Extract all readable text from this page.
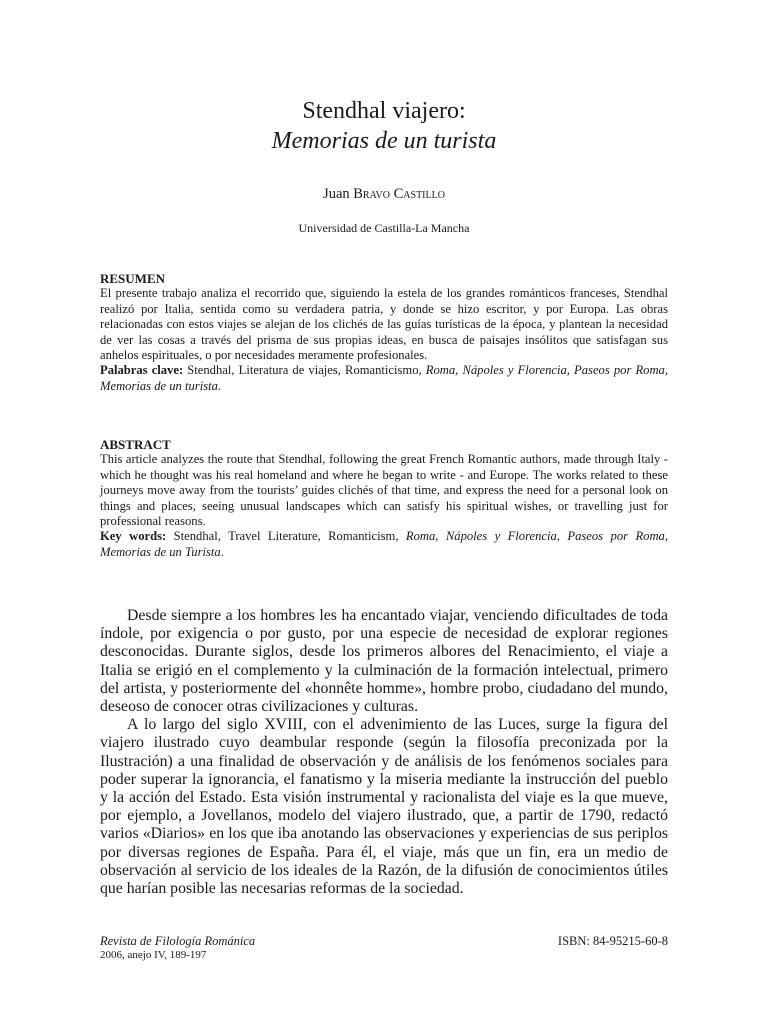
Stendhal viajero:
Memorias de un turista
Juan Bravo Castillo
Universidad de Castilla-La Mancha
RESUMEN
El presente trabajo analiza el recorrido que, siguiendo la estela de los grandes románticos franceses, Stendhal realizó por Italia, sentida como su verdadera patria, y donde se hizo escritor, y por Europa. Las obras relacionadas con estos viajes se alejan de los clichés de las guías turísticas de la época, y plantean la necesidad de ver las cosas a través del prisma de sus propias ideas, en busca de paisajes insólitos que satisfagan sus anhelos espirituales, o por necesidades meramente profesionales.
Palabras clave: Stendhal, Literatura de viajes, Romanticismo, Roma, Nápoles y Florencia, Paseos por Roma, Memorias de un turista.
ABSTRACT
This article analyzes the route that Stendhal, following the great French Romantic authors, made through Italy - which he thought was his real homeland and where he began to write - and Europe. The works related to these journeys move away from the tourists’ guides clichés of that time, and express the need for a personal look on things and places, seeing unusual landscapes which can satisfy his spiritual wishes, or travelling just for professional reasons.
Key words: Stendhal, Travel Literature, Romanticism, Roma, Nápoles y Florencia, Paseos por Roma, Memorias de un Turista.

Desde siempre a los hombres les ha encantado viajar, venciendo dificultades de toda índole, por exigencia o por gusto, por una especie de necesidad de explorar regiones desconocidas. Durante siglos, desde los primeros albores del Renacimiento, el viaje a Italia se erigió en el complemento y la culminación de la formación intelectual, primero del artista, y posteriormente del «honnête homme», hombre probo, ciudadano del mundo, deseoso de conocer otras civilizaciones y culturas.

A lo largo del siglo XVIII, con el advenimiento de las Luces, surge la figura del viajero ilustrado cuyo deambular responde (según la filosofía preconizada por la Ilustración) a una finalidad de observación y de análisis de los fenómenos sociales para poder superar la ignorancia, el fanatismo y la miseria mediante la instrucción del pueblo y la acción del Estado. Esta visión instrumental y racionalista del viaje es la que mueve, por ejemplo, a Jovellanos, modelo del viajero ilustrado, que, a partir de 1790, redactó varios «Diarios» en los que iba anotando las observaciones y experiencias de sus periplos por diversas regiones de España. Para él, el viaje, más que un fin, era un medio de observación al servicio de los ideales de la Razón, de la difusión de conocimientos útiles que harían posible las necesarias reformas de la sociedad.

Revista de Filología Románica
2006, anejo IV, 189-197
ISBN: 84-95215-60-8
